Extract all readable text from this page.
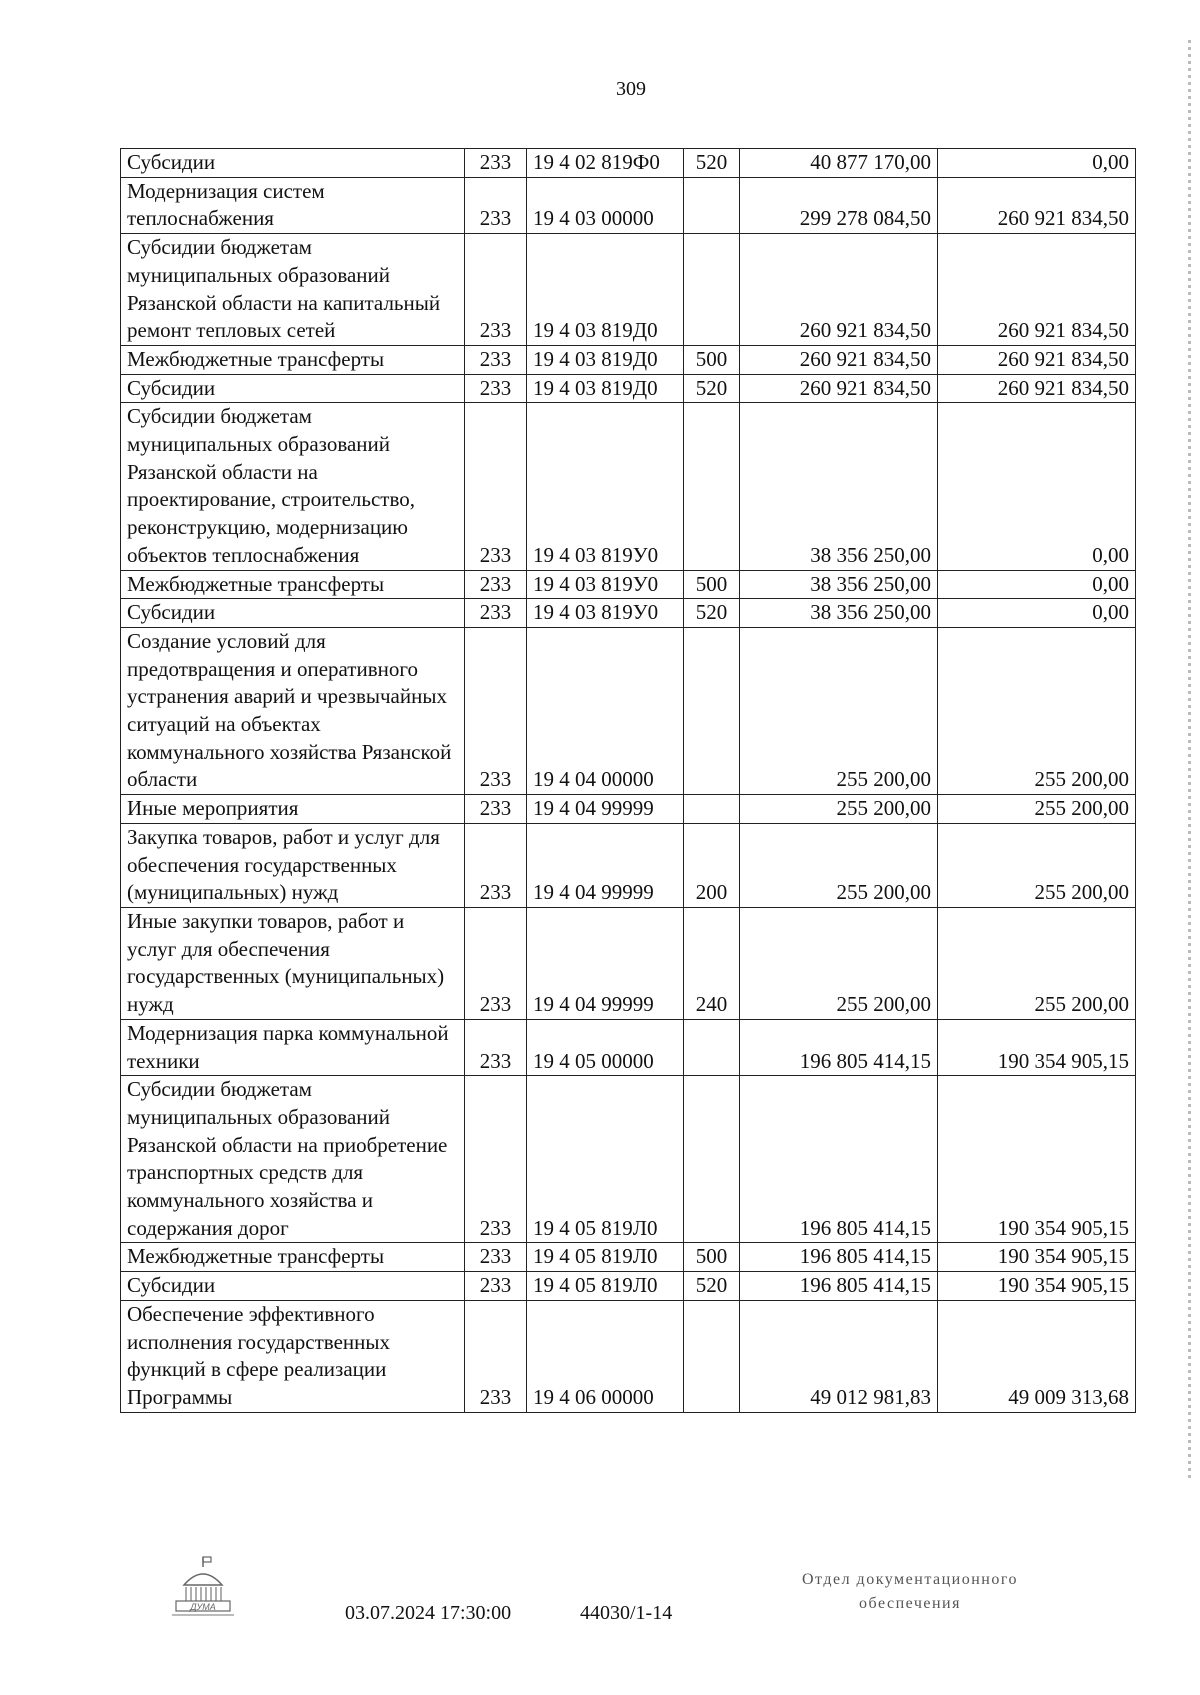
309
Субсидии	233	19 4 02 819Ф0	520	40 877 170,00	0,00
Модернизация систем теплоснабжения	233	19 4 03 00000		299 278 084,50	260 921 834,50
Субсидии бюджетам муниципальных образований Рязанской области на капитальный ремонт тепловых сетей	233	19 4 03 819Д0		260 921 834,50	260 921 834,50
Межбюджетные трансферты	233	19 4 03 819Д0	500	260 921 834,50	260 921 834,50
Субсидии	233	19 4 03 819Д0	520	260 921 834,50	260 921 834,50
Субсидии бюджетам муниципальных образований Рязанской области на проектирование, строительство, реконструкцию, модернизацию объектов теплоснабжения	233	19 4 03 819У0		38 356 250,00	0,00
Межбюджетные трансферты	233	19 4 03 819У0	500	38 356 250,00	0,00
Субсидии	233	19 4 03 819У0	520	38 356 250,00	0,00
Создание условий для предотвращения и оперативного устранения аварий и чрезвычайных ситуаций на объектах коммунального хозяйства Рязанской области	233	19 4 04 00000		255 200,00	255 200,00
Иные мероприятия	233	19 4 04 99999		255 200,00	255 200,00
Закупка товаров, работ и услуг для обеспечения государственных (муниципальных) нужд	233	19 4 04 99999	200	255 200,00	255 200,00
Иные закупки товаров, работ и услуг для обеспечения государственных (муниципальных) нужд	233	19 4 04 99999	240	255 200,00	255 200,00
Модернизация парка коммунальной техники	233	19 4 05 00000		196 805 414,15	190 354 905,15
Субсидии бюджетам муниципальных образований Рязанской области на приобретение транспортных средств для коммунального хозяйства и содержания дорог	233	19 4 05 819Л0		196 805 414,15	190 354 905,15
Межбюджетные трансферты	233	19 4 05 819Л0	500	196 805 414,15	190 354 905,15
Субсидии	233	19 4 05 819Л0	520	196 805 414,15	190 354 905,15
Обеспечение эффективного исполнения государственных функций в сфере реализации Программы	233	19 4 06 00000		49 012 981,83	49 009 313,68
ДУМА	03.07.2024 17:30:00	44030/1-14
Отдел документационного
обеспечения
